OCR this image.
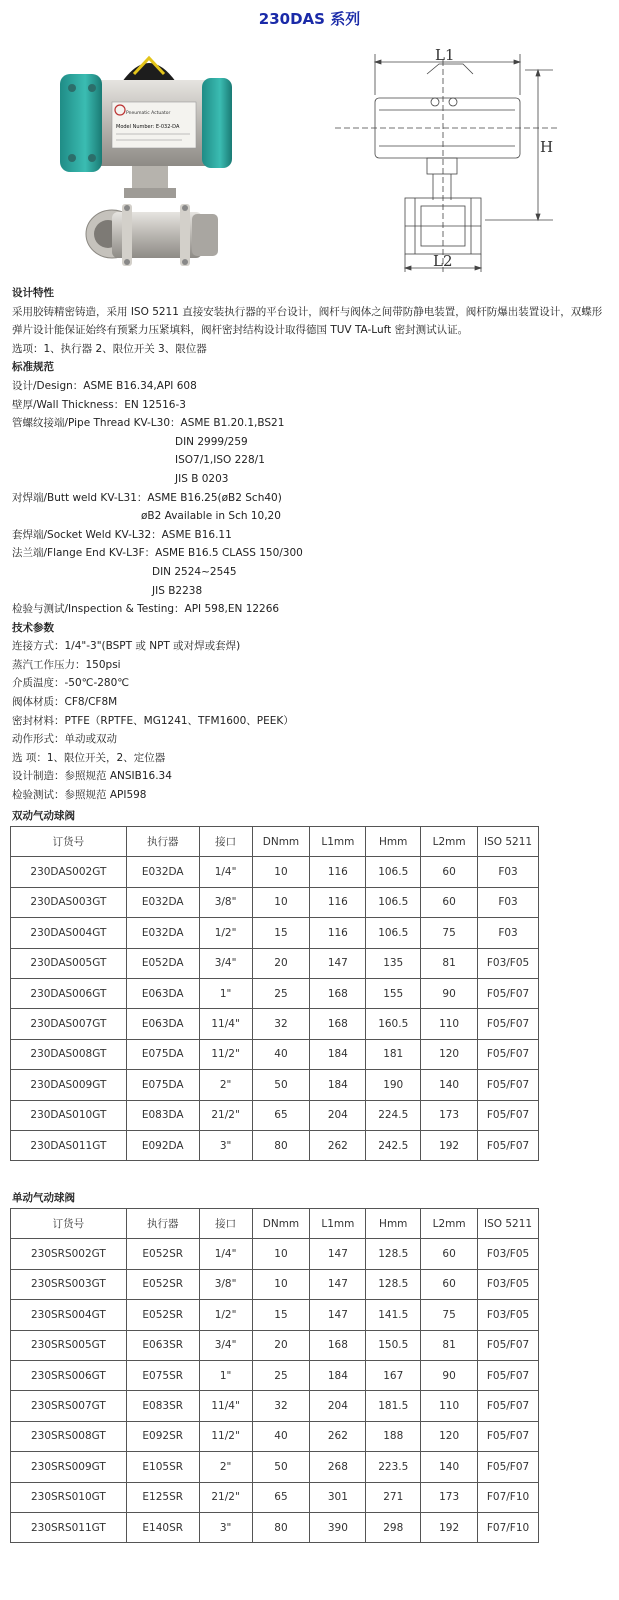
230DAS 系列
Pneumatic Actuator
Model Number: E-032-DA
L1
H
L2
设计特性
采用胶铸精密铸造，采用 ISO 5211 直接安装执行器的平台设计，阀杆与阀体之间带防静电装置，阀杆防爆出装置设计，双蝶形弹片设计能保证始终有预紧力压紧填料，阀杆密封结构设计取得德国 TUV TA-Luft 密封测试认证。
选项：1、执行器 2、限位开关 3、限位器
标准规范
设计/Design：ASME B16.34,API 608
壁厚/Wall Thickness：EN 12516-3
管螺纹接端/Pipe Thread KV-L30：ASME B1.20.1,BS21
DIN 2999/259
ISO7/1,ISO 228/1
JIS B 0203
对焊端/Butt weld KV-L31：ASME B16.25(øB2 Sch40)
øB2 Available in Sch 10,20
套焊端/Socket Weld KV-L32：ASME B16.11
法兰端/Flange End KV-L3F：ASME B16.5 CLASS 150/300
DIN 2524~2545
JIS B2238
检验与测试/Inspection & Testing：API 598,EN 12266
技术参数
连接方式：1/4"-3"(BSPT 或 NPT 或对焊或套焊)
蒸汽工作压力：150psi
介质温度：-50℃-280℃
阀体材质：CF8/CF8M
密封材料：PTFE（RPTFE、MG1241、TFM1600、PEEK）
动作形式：单动或双动
选 项：1、限位开关，2、定位器
设计制造：参照规范 ANSIB16.34
检验测试：参照规范 API598
双动气动球阀
订货号	执行器	接口	DNmm	L1mm	Hmm	L2mm	ISO 5211
230DAS002GT	E032DA	1/4"	10	116	106.5	60	F03
230DAS003GT	E032DA	3/8"	10	116	106.5	60	F03
230DAS004GT	E032DA	1/2"	15	116	106.5	75	F03
230DAS005GT	E052DA	3/4"	20	147	135	81	F03/F05
230DAS006GT	E063DA	1"	25	168	155	90	F05/F07
230DAS007GT	E063DA	11/4"	32	168	160.5	110	F05/F07
230DAS008GT	E075DA	11/2"	40	184	181	120	F05/F07
230DAS009GT	E075DA	2"	50	184	190	140	F05/F07
230DAS010GT	E083DA	21/2"	65	204	224.5	173	F05/F07
230DAS011GT	E092DA	3"	80	262	242.5	192	F05/F07
单动气动球阀
订货号	执行器	接口	DNmm	L1mm	Hmm	L2mm	ISO 5211
230SRS002GT	E052SR	1/4"	10	147	128.5	60	F03/F05
230SRS003GT	E052SR	3/8"	10	147	128.5	60	F03/F05
230SRS004GT	E052SR	1/2"	15	147	141.5	75	F03/F05
230SRS005GT	E063SR	3/4"	20	168	150.5	81	F05/F07
230SRS006GT	E075SR	1"	25	184	167	90	F05/F07
230SRS007GT	E083SR	11/4"	32	204	181.5	110	F05/F07
230SRS008GT	E092SR	11/2"	40	262	188	120	F05/F07
230SRS009GT	E105SR	2"	50	268	223.5	140	F05/F07
230SRS010GT	E125SR	21/2"	65	301	271	173	F07/F10
230SRS011GT	E140SR	3"	80	390	298	192	F07/F10
